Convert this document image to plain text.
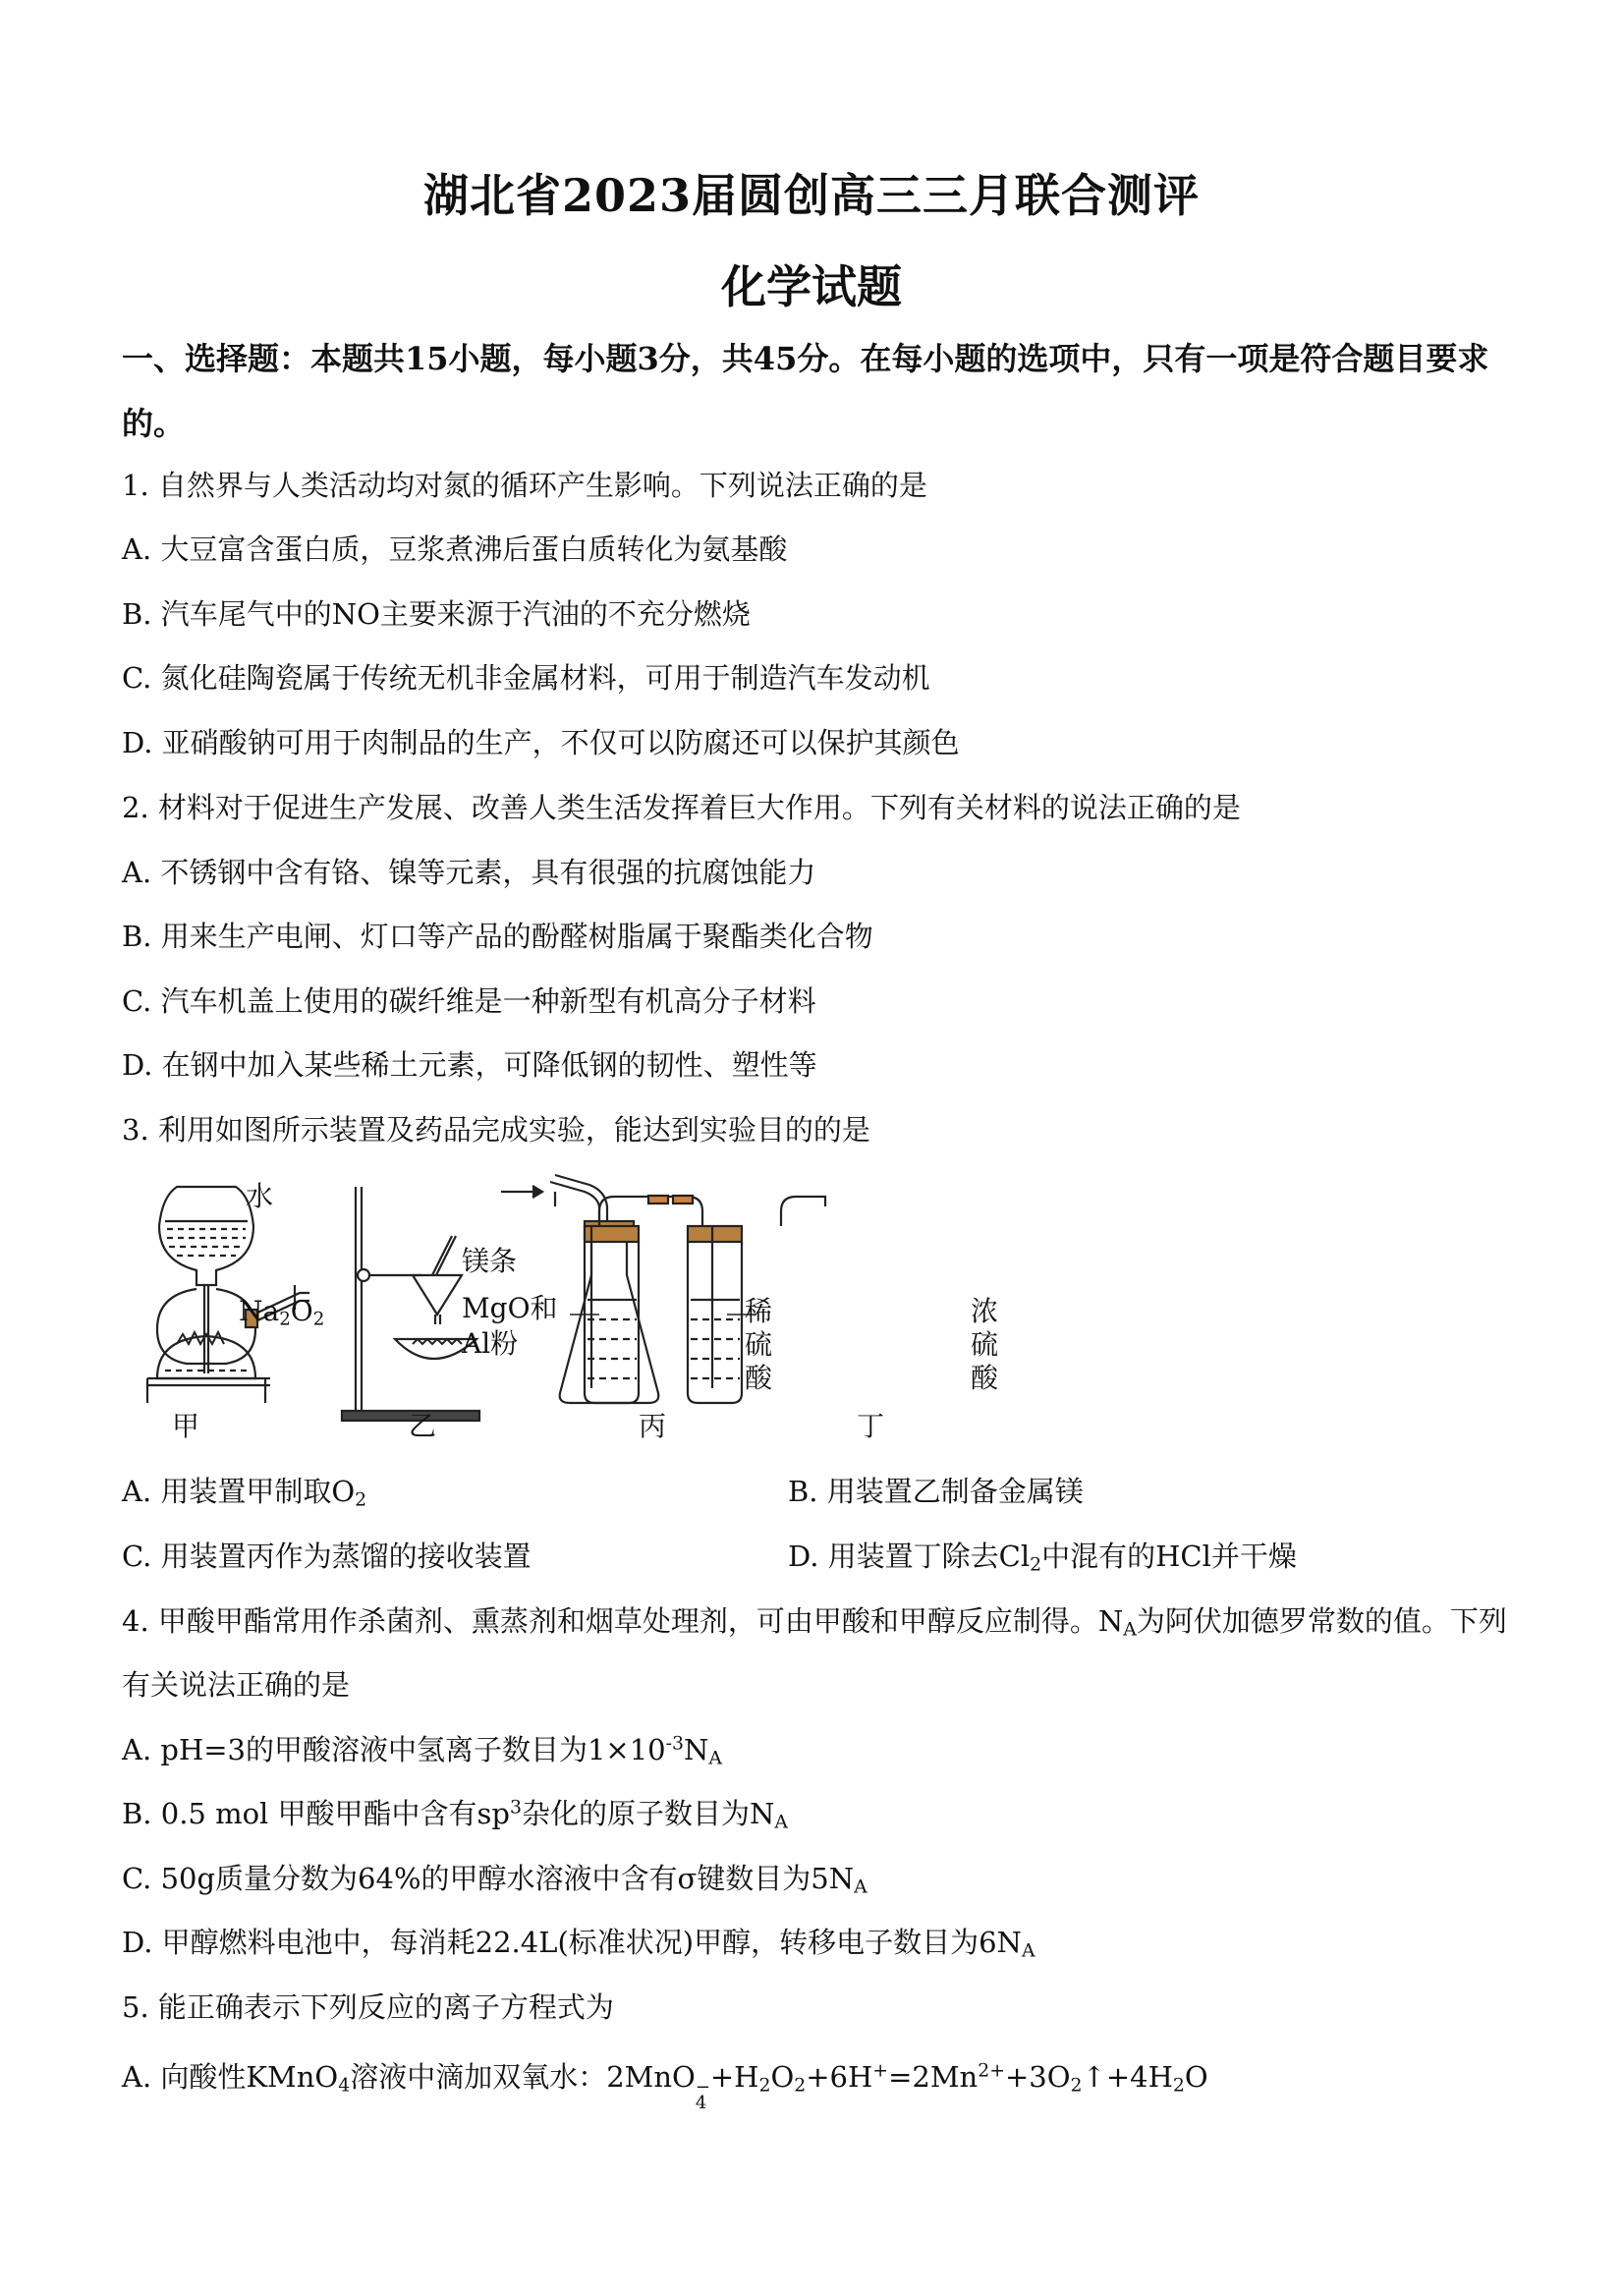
湖北省2023届圆创高三三月联合测评
化学试题
一、选择题：本题共15小题，每小题3分，共45分。在每小题的选项中，只有一项是符合题目要求的。
1. 自然界与人类活动均对氮的循环产生影响。下列说法正确的是
A. 大豆富含蛋白质，豆浆煮沸后蛋白质转化为氨基酸
B. 汽车尾气中的NO主要来源于汽油的不充分燃烧
C. 氮化硅陶瓷属于传统无机非金属材料，可用于制造汽车发动机
D. 亚硝酸钠可用于肉制品的生产，不仅可以防腐还可以保护其颜色
2. 材料对于促进生产发展、改善人类生活发挥着巨大作用。下列有关材料的说法正确的是
A. 不锈钢中含有铬、镍等元素，具有很强的抗腐蚀能力
B. 用来生产电闸、灯口等产品的酚醛树脂属于聚酯类化合物
C. 汽车机盖上使用的碳纤维是一种新型有机高分子材料
D. 在钢中加入某些稀土元素，可降低钢的韧性、塑性等
3. 利用如图所示装置及药品完成实验，能达到实验目的的是
水
$Na_2O_2$
镁条
MgO和
Al粉
稀
硫
酸
浓
硫
酸
甲	乙	丙	丁
A. 用装置甲制取$O_2$	B. 用装置乙制备金属镁
C. 用装置丙作为蒸馏的接收装置	D. 用装置丁除去$Cl_2$中混有的HCl并干燥
4. 甲酸甲酯常用作杀菌剂、熏蒸剂和烟草处理剂，可由甲酸和甲醇反应制得。$N_A$为阿伏加德罗常数的值。下列
有关说法正确的是
A. pH=3的甲酸溶液中氢离子数目为$1\times 10^{-3}N_A$
B. 0.5 mol 甲酸甲酯中含有$sp^3$杂化的原子数目为$N_A$
C. 50g质量分数为64%的甲醇水溶液中含有σ键数目为$5N_A$
D. 甲醇燃料电池中，每消耗22.4L(标准状况)甲醇，转移电子数目为$6N_A$
5. 能正确表示下列反应的离子方程式为
A. 向酸性KMnO$_4$溶液中滴加双氧水：2MnO −
4
$+H_2O_2+6H^+=2Mn^{2+}+3O_2↑+4H_2O$
